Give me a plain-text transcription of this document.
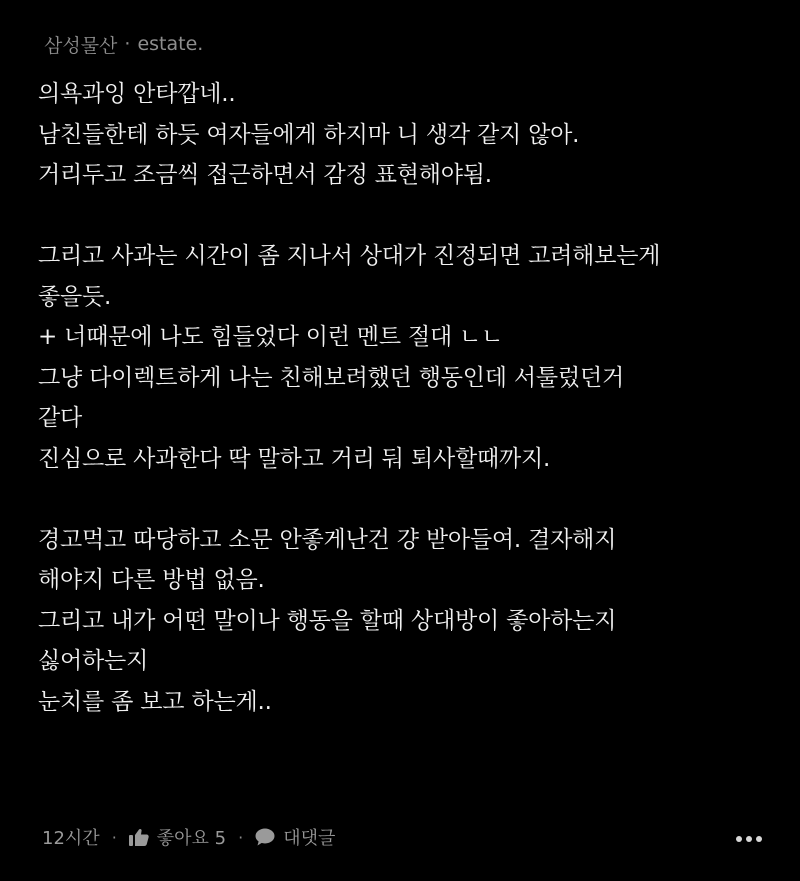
삼성물산 · estate.
의욕과잉 안타깝네..
남친들한테 하듯 여자들에게 하지마 니 생각 같지 않아.
거리두고 조금씩 접근하면서 감정 표현해야됨.
그리고 사과는 시간이 좀 지나서 상대가 진정되면 고려해보는게
좋을듯.
+ 너때문에 나도 힘들었다 이런 멘트 절대 ㄴㄴ
그냥 다이렉트하게 나는 친해보려했던 행동인데 서툴렀던거
같다
진심으로 사과한다 딱 말하고 거리 둬 퇴사할때까지.
경고먹고 따당하고 소문 안좋게난건 걍 받아들여. 결자해지
해야지 다른 방법 없음.
그리고 내가 어떤 말이나 행동을 할때 상대방이 좋아하는지
싫어하는지
눈치를 좀 보고 하는게..
12시간 · 좋아요 5 · 대댓글
